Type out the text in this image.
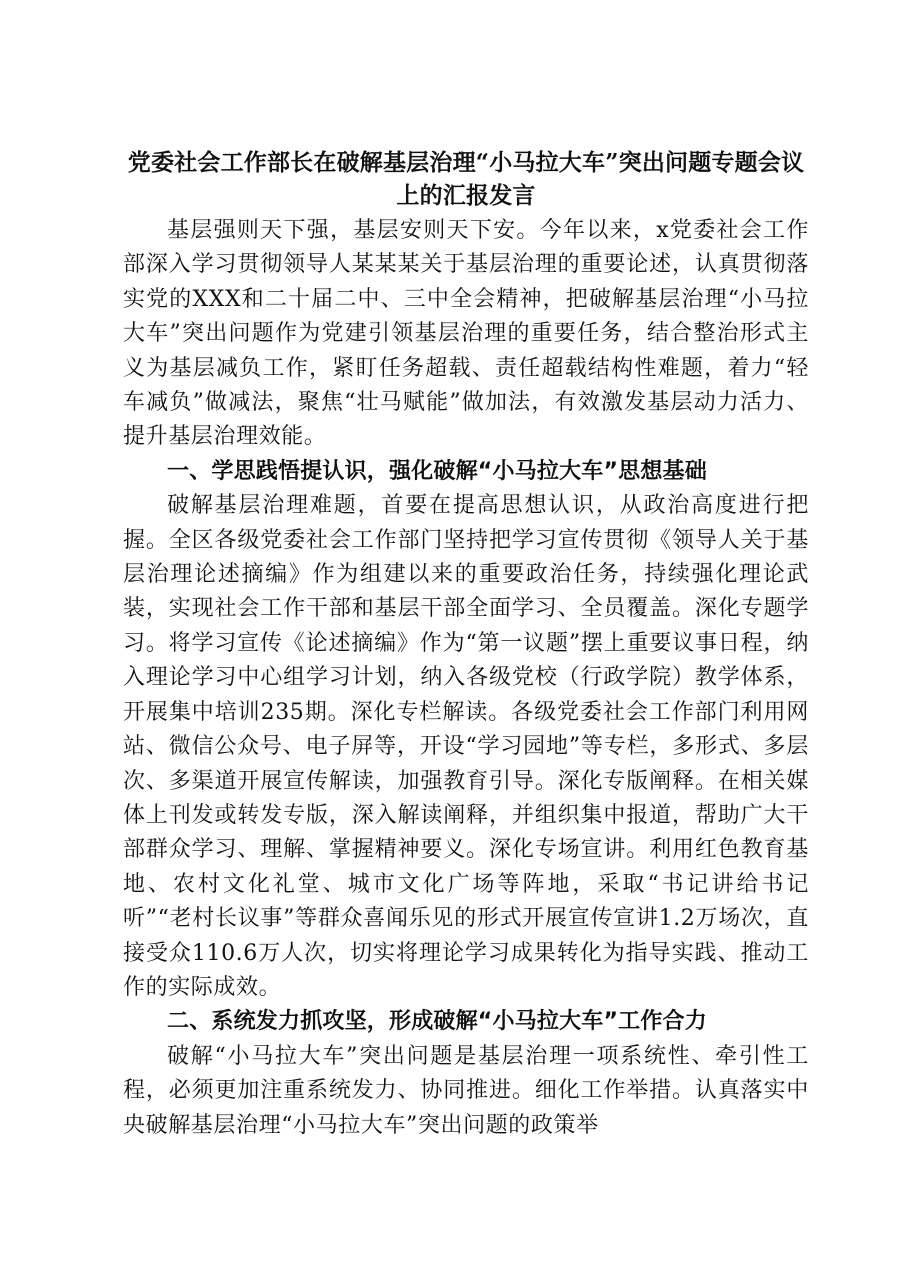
党委社会工作部长在破解基层治理“小马拉大车”突出问题专题会议上的汇报发言

基层强则天下强，基层安则天下安。今年以来，x党委社会工作部深入学习贯彻领导人某某某关于基层治理的重要论述，认真贯彻落实党的XXX和二十届二中、三中全会精神，把破解基层治理“小马拉大车”突出问题作为党建引领基层治理的重要任务，结合整治形式主义为基层减负工作，紧盯任务超载、责任超载结构性难题，着力“轻车减负”做减法，聚焦“壮马赋能”做加法，有效激发基层动力活力、提升基层治理效能。

一、学思践悟提认识，强化破解“小马拉大车”思想基础

破解基层治理难题，首要在提高思想认识，从政治高度进行把握。全区各级党委社会工作部门坚持把学习宣传贯彻《领导人关于基层治理论述摘编》作为组建以来的重要政治任务，持续强化理论武装，实现社会工作干部和基层干部全面学习、全员覆盖。深化专题学习。将学习宣传《论述摘编》作为“第一议题”摆上重要议事日程，纳入理论学习中心组学习计划，纳入各级党校（行政学院）教学体系，开展集中培训235期。深化专栏解读。各级党委社会工作部门利用网站、微信公众号、电子屏等，开设“学习园地”等专栏，多形式、多层次、多渠道开展宣传解读，加强教育引导。深化专版阐释。在相关媒体上刊发或转发专版，深入解读阐释，并组织集中报道，帮助广大干部群众学习、理解、掌握精神要义。深化专场宣讲。利用红色教育基地、农村文化礼堂、城市文化广场等阵地，采取“书记讲给书记听”“老村长议事”等群众喜闻乐见的形式开展宣传宣讲1.2万场次，直接受众110.6万人次，切实将理论学习成果转化为指导实践、推动工作的实际成效。

二、系统发力抓攻坚，形成破解“小马拉大车”工作合力

破解“小马拉大车”突出问题是基层治理一项系统性、牵引性工程，必须更加注重系统发力、协同推进。细化工作举措。认真落实中央破解基层治理“小马拉大车”突出问题的政策举
